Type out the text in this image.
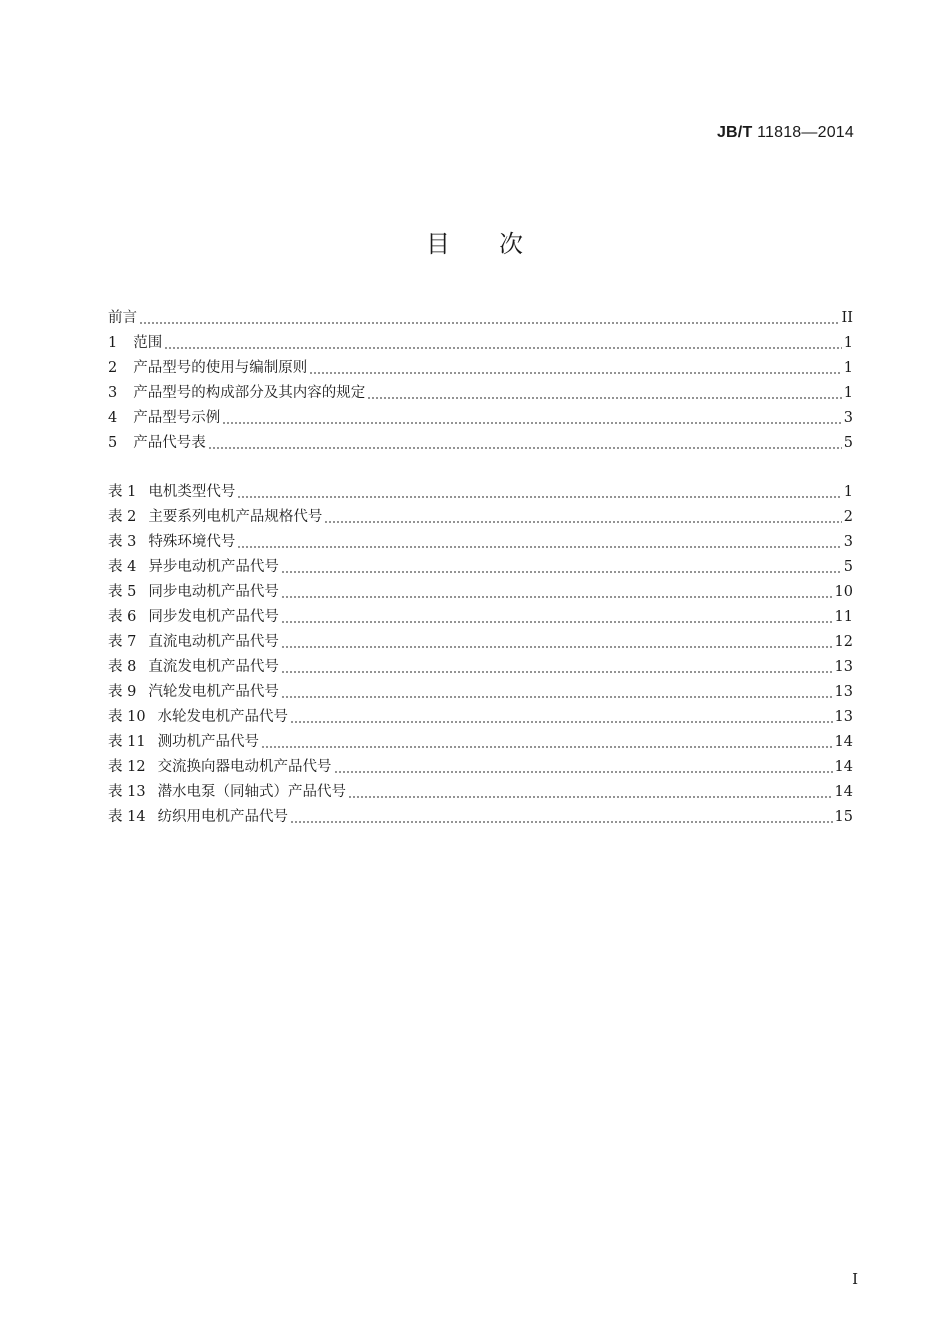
JB/T 11818—2014
目 次
前言	II
1 范围	1
2 产品型号的使用与编制原则	1
3 产品型号的构成部分及其内容的规定	1
4 产品型号示例	3
5 产品代号表	5
表 1 电机类型代号	1
表 2 主要系列电机产品规格代号	2
表 3 特殊环境代号	3
表 4 异步电动机产品代号	5
表 5 同步电动机产品代号	10
表 6 同步发电机产品代号	11
表 7 直流电动机产品代号	12
表 8 直流发电机产品代号	13
表 9 汽轮发电机产品代号	13
表 10 水轮发电机产品代号	13
表 11 测功机产品代号	14
表 12 交流换向器电动机产品代号	14
表 13 潜水电泵（同轴式）产品代号	14
表 14 纺织用电机产品代号	15
I
